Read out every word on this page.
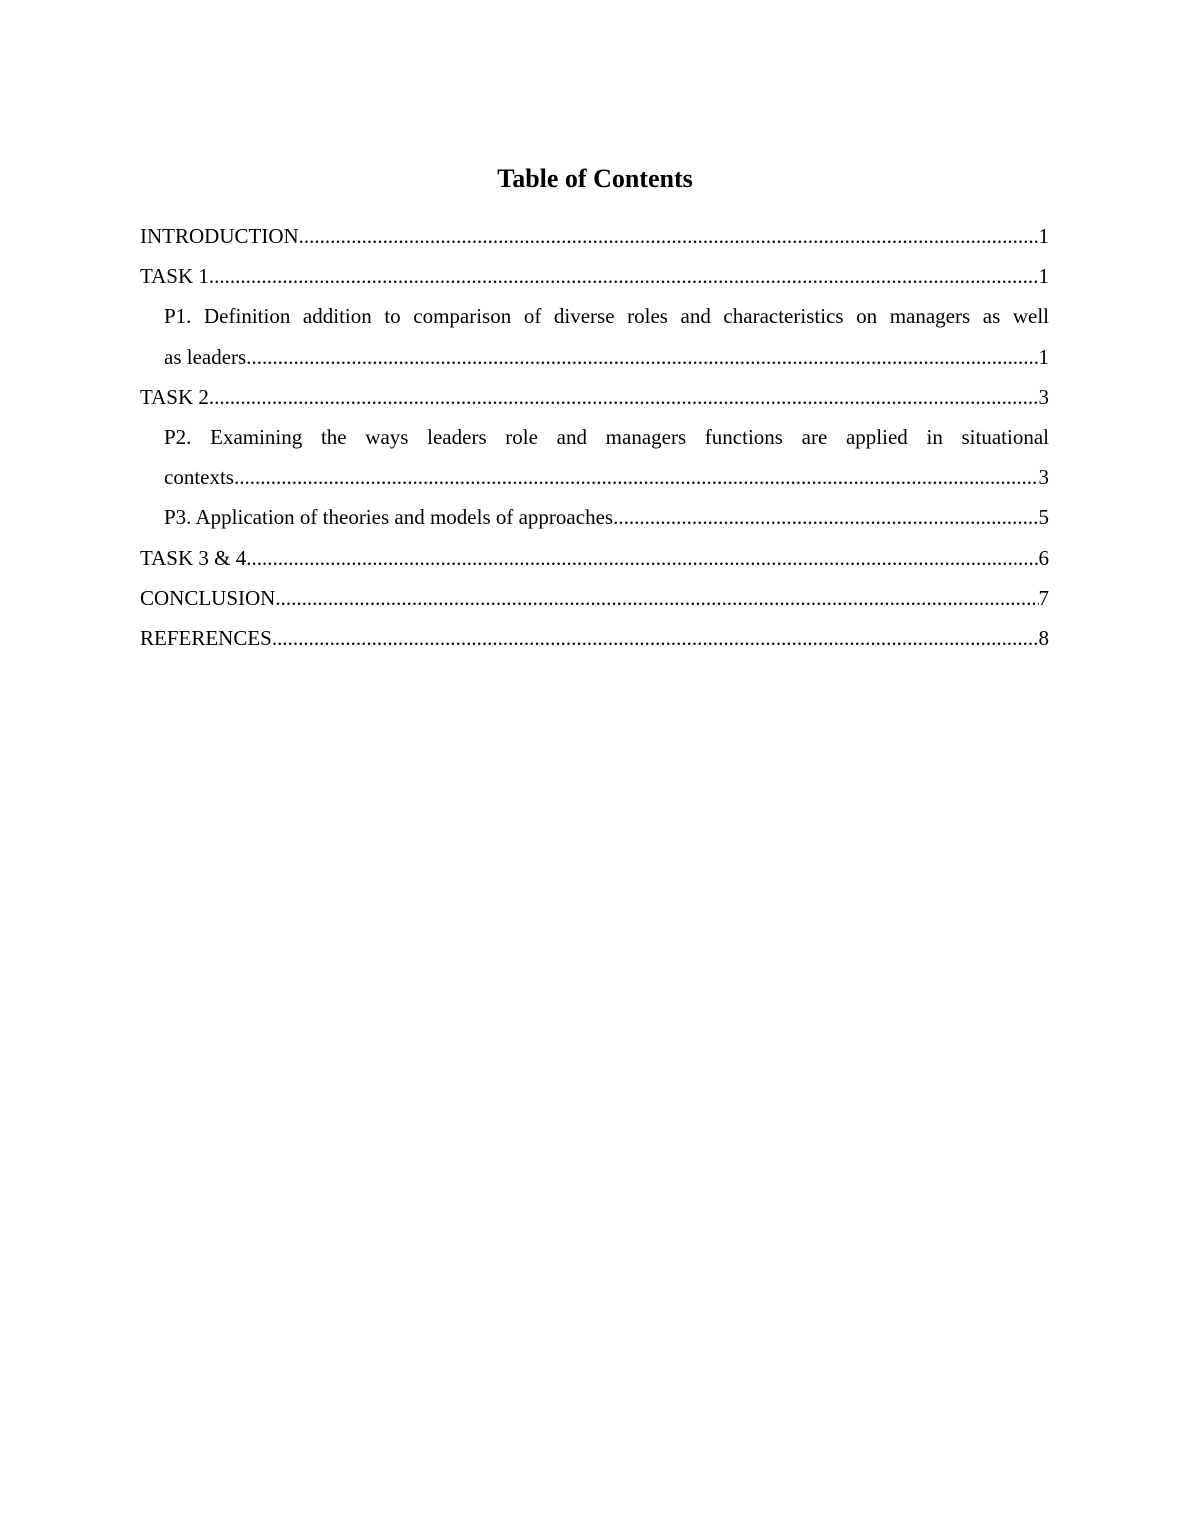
Table of Contents
INTRODUCTION .....	1
TASK 1 .....	1
P1. Definition addition to comparison of diverse roles and characteristics on managers as well
as leaders .....	1
TASK 2 .....	3
P2. Examining the ways leaders role and managers functions are applied in situational
contexts .....	3
P3. Application of theories and models of approaches .....	5
TASK 3 & 4 .....	6
CONCLUSION .....	7
REFERENCES .....	8
